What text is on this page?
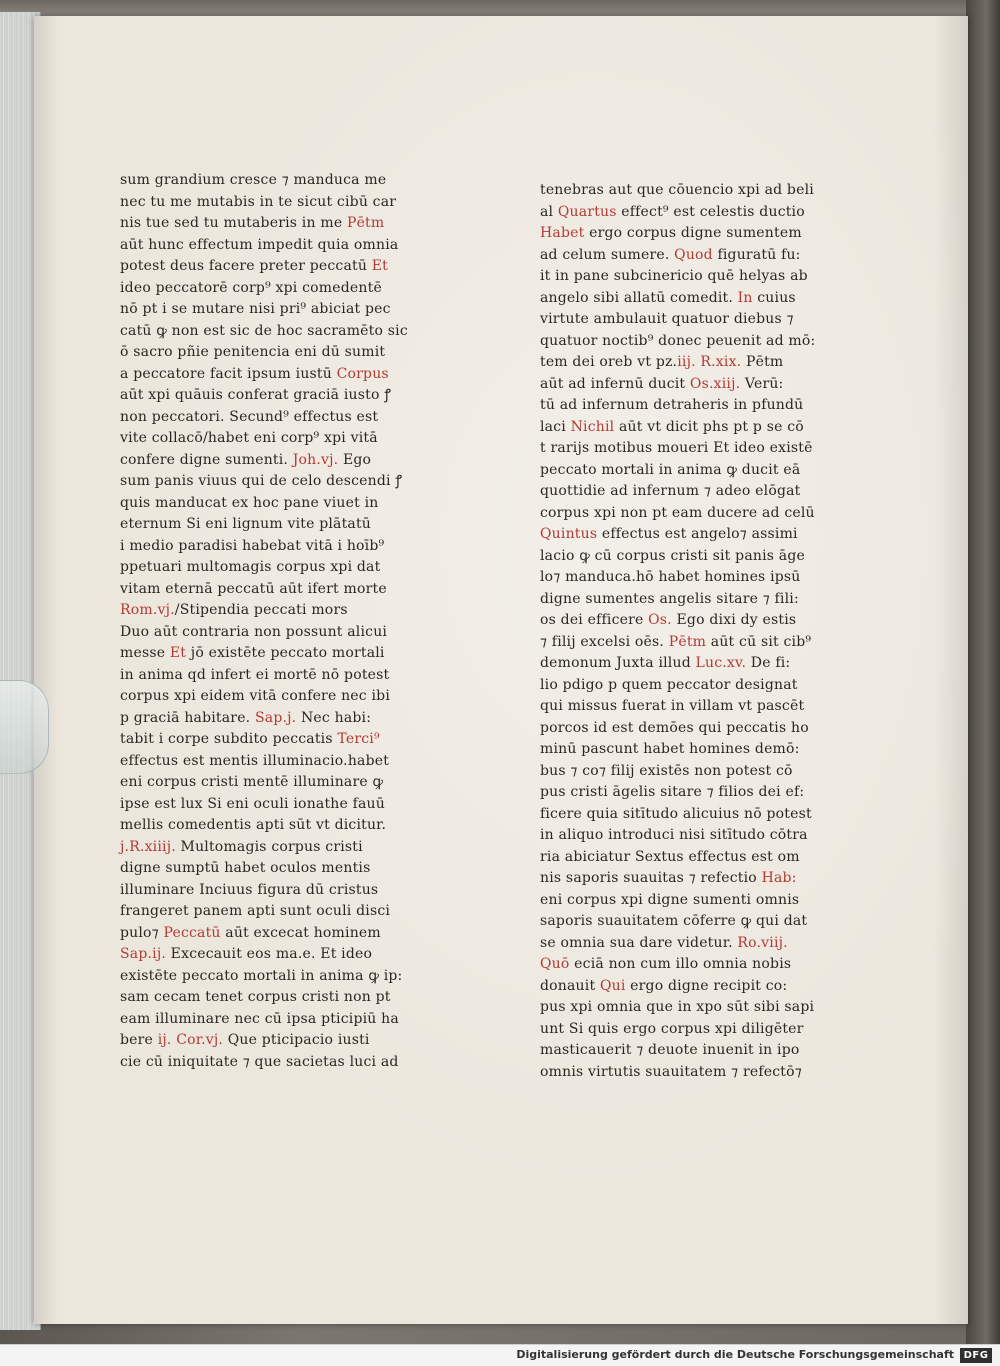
sum grandium cresce ⁊ manduca me
nec tu me mutabis in te sicut cibū car
nis tue sed tu mutaberis in me Pētm
aūt hunc effectum impedit quia omnia
potest deus facere preter peccatū Et
ideo peccatorē corp⁹ xpi comedentē
nō pt i se mutare nisi pri⁹ abiciat pec
catū ꝙ non est sic de hoc sacramēto sic
ō sacro pñie penitencia eni dū sumit
a peccatore facit ipsum iustū Corpus
aūt xpi quāuis conferat graciā iusto ꝭ
non peccatori. Secund⁹ effectus est
vite collacō/habet eni corp⁹ xpi vitā
confere digne sumenti. Joh.vj. Ego
sum panis viuus qui de celo descendi ꝭ
quis manducat ex hoc pane viuet in
eternum Si eni lignum vite plātatū
i medio paradisi habebat vitā i hoīb⁹
ppetuari multomagis corpus xpi dat
vitam eternā peccatū aūt ifert morte
Rom.vj./Stipendia peccati mors
Duo aūt contraria non possunt alicui
messe Et jō existēte peccato mortali
in anima qd infert ei mortē nō potest
corpus xpi eidem vitā confere nec ibi
p graciā habitare. Sap.j. Nec habi:
tabit i corpe subdito peccatis Terci⁹
effectus est mentis illuminacio.habet
eni corpus cristi mentē illuminare ꝙ
ipse est lux Si eni oculi ionathe fauū
mellis comedentis apti sūt vt dicitur.
j.R.xiiij. Multomagis corpus cristi
digne sumptū habet oculos mentis
illuminare Inciuus figura dū cristus
frangeret panem apti sunt oculi disci
pulo⁊ Peccatū aūt excecat hominem
Sap.ij. Excecauit eos ma.e. Et ideo
existēte peccato mortali in anima ꝙ ip:
sam cecam tenet corpus cristi non pt
eam illuminare nec cū ipsa pticipiū ha
bere ij. Cor.vj. Que pticipacio iusti
cie cū iniquitate ⁊ que sacietas luci ad
tenebras aut que cōuencio xpi ad beli
al Quartus effect⁹ est celestis ductio
Habet ergo corpus digne sumentem
ad celum sumere. Quod figuratū fu:
it in pane subcinericio quē helyas ab
angelo sibi allatū comedit. In cuius
virtute ambulauit quatuor diebus ⁊
quatuor noctib⁹ donec peuenit ad mō:
tem dei oreb vt pz.iij. R.xix. Pētm
aūt ad infernū ducit Os.xiij. Verū:
tū ad infernum detraheris in pfundū
laci Nichil aūt vt dicit phs pt p se cō
t rarijs motibus moueri Et ideo existē
peccato mortali in anima ꝙ ducit eā
quottidie ad infernum ⁊ adeo elōgat
corpus xpi non pt eam ducere ad celū
Quintus effectus est angelo⁊ assimi
lacio ꝙ cū corpus cristi sit panis āge
lo⁊ manduca.hō habet homines ipsū
digne sumentes angelis sitare ⁊ fili:
os dei efficere Os. Ego dixi dy estis
⁊ filij excelsi oēs. Pētm aūt cū sit cib⁹
demonum Juxta illud Luc.xv. De fi:
lio pdigo p quem peccator designat
qui missus fuerat in villam vt pascēt
porcos id est demōes qui peccatis ho
minū pascunt habet homines demō:
bus ⁊ co⁊ filij existēs non potest cō
pus cristi āgelis sitare ⁊ filios dei ef:
ficere quia sitītudo alicuius nō potest
in aliquo introduci nisi sitītudo cōtra
ria abiciatur Sextus effectus est om
nis saporis suauitas ⁊ refectio Hab:
eni corpus xpi digne sumenti omnis
saporis suauitatem cōferre ꝙ qui dat
se omnia sua dare videtur. Ro.viij.
Quō eciā non cum illo omnia nobis
donauit Qui ergo digne recipit co:
pus xpi omnia que in xpo sūt sibi sapi
unt Si quis ergo corpus xpi diligēter
masticauerit ⁊ deuote inuenit in ipo
omnis virtutis suauitatem ⁊ refectō⁊
Digitalisierung gefördert durch die Deutsche Forschungsgemeinschaft DFG
